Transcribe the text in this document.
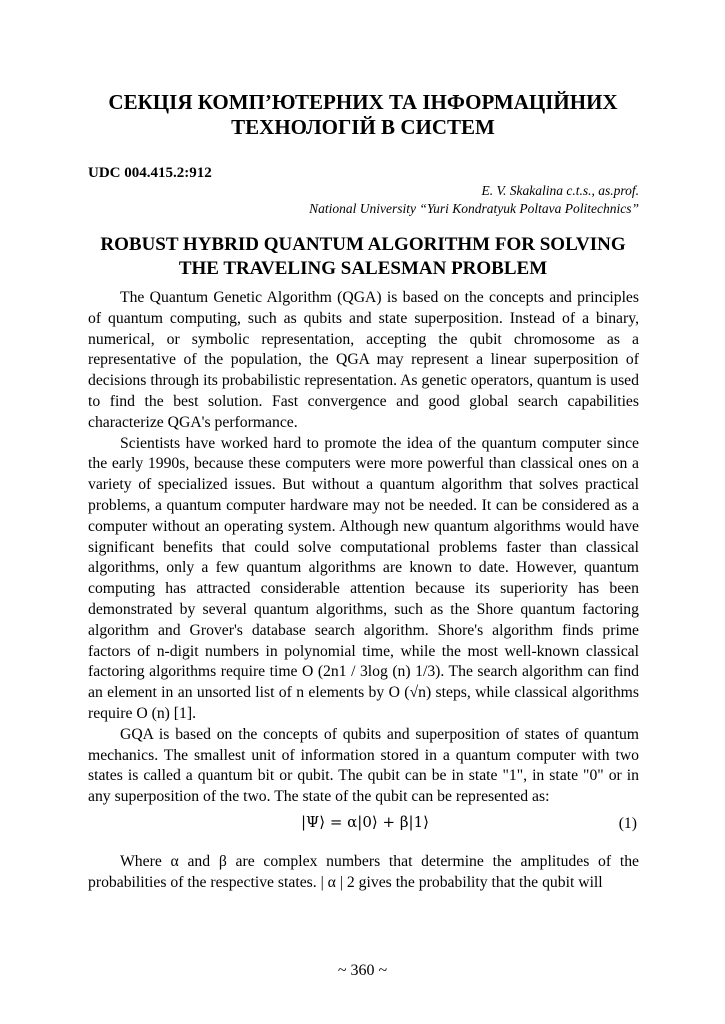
СЕКЦІЯ КОМП’ЮТЕРНИХ ТА ІНФОРМАЦІЙНИХ
ТЕХНОЛОГІЙ В СИСТЕМ
UDC 004.415.2:912
E. V. Skakalina c.t.s., as.prof.
National University “Yuri Kondratyuk Poltava Politechnics”
ROBUST HYBRID QUANTUM ALGORITHM FOR SOLVING
THE TRAVELING SALESMAN PROBLEM

The Quantum Genetic Algorithm (QGA) is based on the concepts and principles of quantum computing, such as qubits and state superposition. Instead of a binary, numerical, or symbolic representation, accepting the qubit chromosome as a representative of the population, the QGA may represent a linear superposition of decisions through its probabilistic representation. As genetic operators, quantum is used to find the best solution. Fast convergence and good global search capabilities characterize QGA's performance.

Scientists have worked hard to promote the idea of the quantum computer since the early 1990s, because these computers were more powerful than classical ones on a variety of specialized issues. But without a quantum algorithm that solves practical problems, a quantum computer hardware may not be needed. It can be considered as a computer without an operating system. Although new quantum algorithms would have significant benefits that could solve computational problems faster than classical algorithms, only a few quantum algorithms are known to date. However, quantum computing has attracted considerable attention because its superiority has been demonstrated by several quantum algorithms, such as the Shore quantum factoring algorithm and Grover's database search algorithm. Shore's algorithm finds prime factors of n-digit numbers in polynomial time, while the most well-known classical factoring algorithms require time O (2n1 / 3log (n) 1/3). The search algorithm can find an element in an unsorted list of n elements by O (√n) steps, while classical algorithms require O (n) [1].

GQA is based on the concepts of qubits and superposition of states of quantum mechanics. The smallest unit of information stored in a quantum computer with two states is called a quantum bit or qubit. The qubit can be in state "1", in state "0" or in any superposition of the two. The state of the qubit can be represented as:

|Ψ⟩ = α|0⟩ + β|1⟩	(1)

Where α and β are complex numbers that determine the amplitudes of the probabilities of the respective states. | α | 2 gives the probability that the qubit will

~ 360 ~
